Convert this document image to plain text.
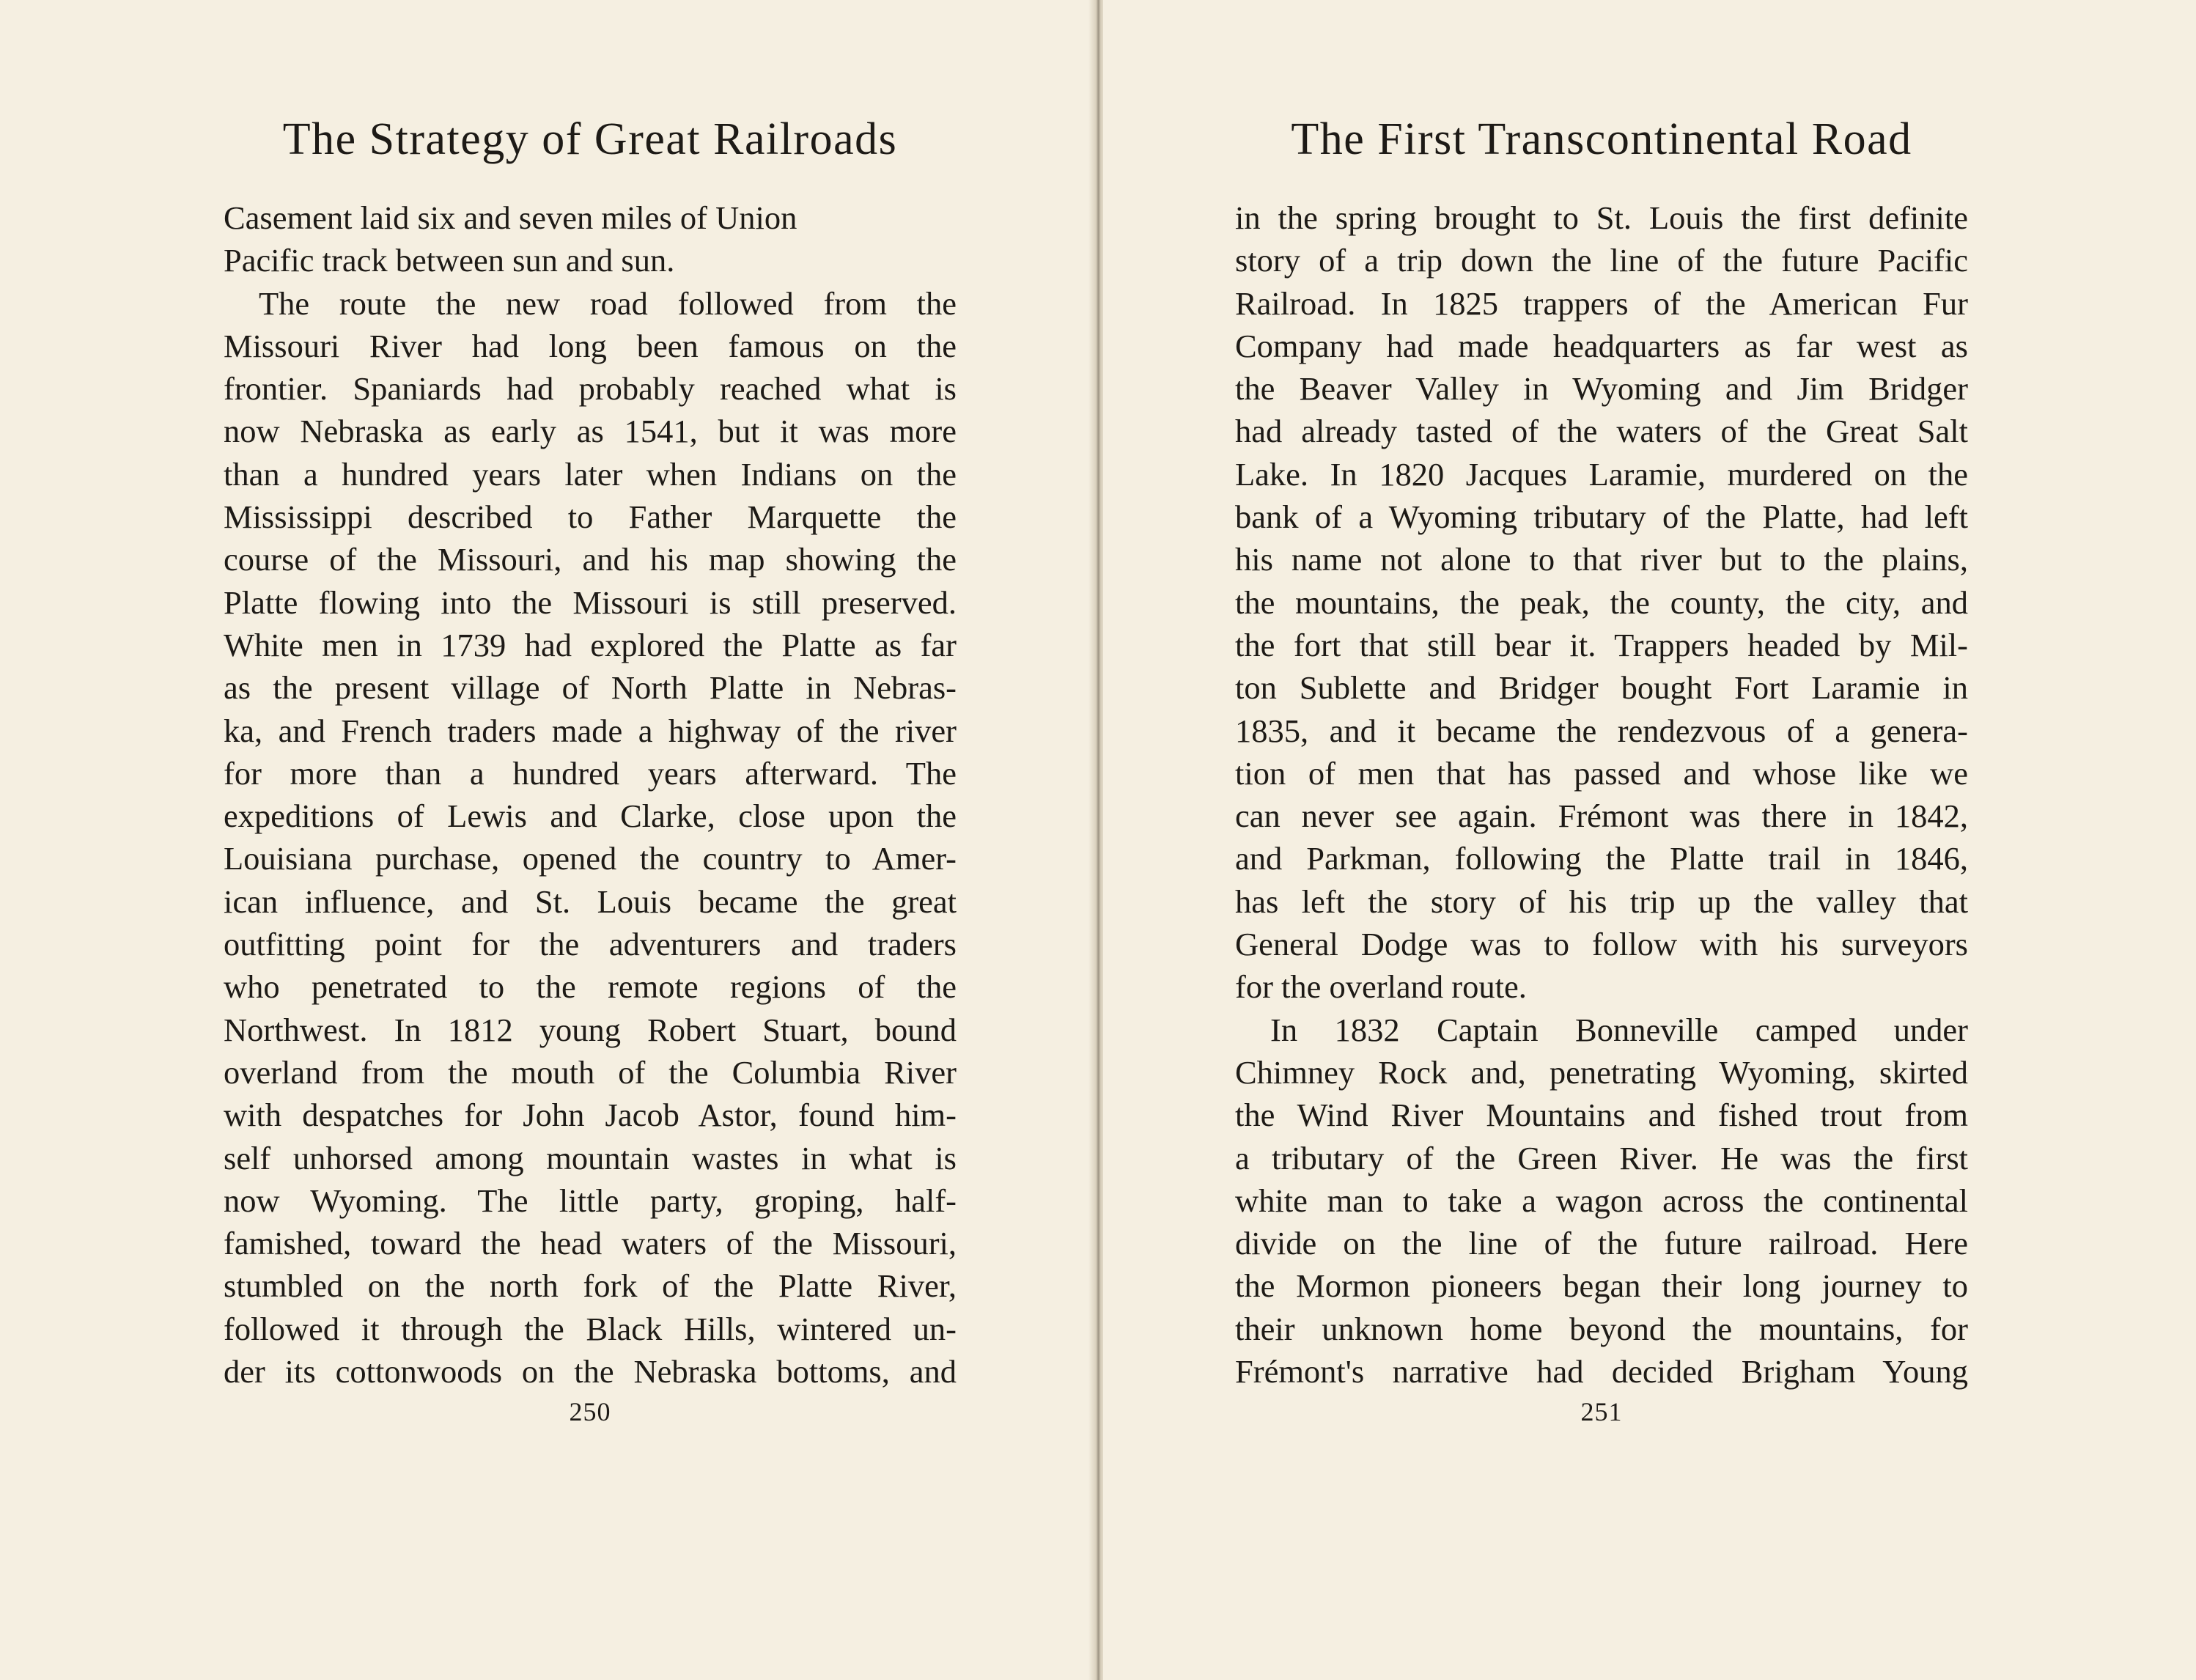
The Strategy of Great Railroads
Casement laid six and seven miles of Union
Pacific track between sun and sun.
The route the new road followed from the
Missouri River had long been famous on the
frontier. Spaniards had probably reached what is
now Nebraska as early as 1541, but it was more
than a hundred years later when Indians on the
Mississippi described to Father Marquette the
course of the Missouri, and his map showing the
Platte flowing into the Missouri is still preserved.
White men in 1739 had explored the Platte as far
as the present village of North Platte in Nebras-
ka, and French traders made a highway of the river
for more than a hundred years afterward. The
expeditions of Lewis and Clarke, close upon the
Louisiana purchase, opened the country to Amer-
ican influence, and St. Louis became the great
outfitting point for the adventurers and traders
who penetrated to the remote regions of the
Northwest. In 1812 young Robert Stuart, bound
overland from the mouth of the Columbia River
with despatches for John Jacob Astor, found him-
self unhorsed among mountain wastes in what is
now Wyoming. The little party, groping, half-
famished, toward the head waters of the Missouri,
stumbled on the north fork of the Platte River,
followed it through the Black Hills, wintered un-
der its cottonwoods on the Nebraska bottoms, and
250
The First Transcontinental Road
in the spring brought to St. Louis the first definite
story of a trip down the line of the future Pacific
Railroad. In 1825 trappers of the American Fur
Company had made headquarters as far west as
the Beaver Valley in Wyoming and Jim Bridger
had already tasted of the waters of the Great Salt
Lake. In 1820 Jacques Laramie, murdered on the
bank of a Wyoming tributary of the Platte, had left
his name not alone to that river but to the plains,
the mountains, the peak, the county, the city, and
the fort that still bear it. Trappers headed by Mil-
ton Sublette and Bridger bought Fort Laramie in
1835, and it became the rendezvous of a genera-
tion of men that has passed and whose like we
can never see again. Frémont was there in 1842,
and Parkman, following the Platte trail in 1846,
has left the story of his trip up the valley that
General Dodge was to follow with his surveyors
for the overland route.
In 1832 Captain Bonneville camped under
Chimney Rock and, penetrating Wyoming, skirted
the Wind River Mountains and fished trout from
a tributary of the Green River. He was the first
white man to take a wagon across the continental
divide on the line of the future railroad. Here
the Mormon pioneers began their long journey to
their unknown home beyond the mountains, for
Frémont's narrative had decided Brigham Young
251
